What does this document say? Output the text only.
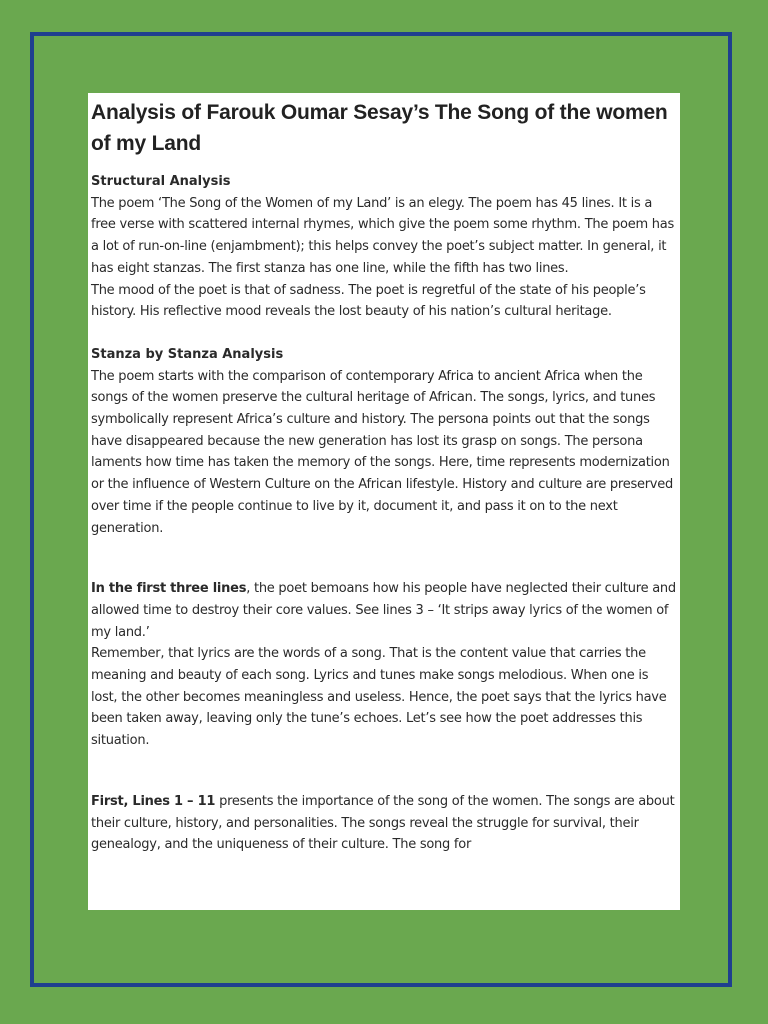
Analysis of Farouk Oumar Sesay’s The Song of the women of my Land
Structural Analysis

The poem ‘The Song of the Women of my Land’ is an elegy. The poem has 45 lines. It is a free verse with scattered internal rhymes, which give the poem some rhythm. The poem has a lot of run-on-line (enjambment); this helps convey the poet’s subject matter. In general, it has eight stanzas. The first stanza has one line, while the fifth has two lines.

The mood of the poet is that of sadness. The poet is regretful of the state of his people’s history. His reflective mood reveals the lost beauty of his nation’s cultural heritage.

Stanza by Stanza Analysis

The poem starts with the comparison of contemporary Africa to ancient Africa when the songs of the women preserve the cultural heritage of African. The songs, lyrics, and tunes symbolically represent Africa’s culture and history. The persona points out that the songs have disappeared because the new generation has lost its grasp on songs. The persona laments how time has taken the memory of the songs. Here, time represents modernization or the influence of Western Culture on the African lifestyle. History and culture are preserved over time if the people continue to live by it, document it, and pass it on to the next generation.

In the first three lines, the poet bemoans how his people have neglected their culture and allowed time to destroy their core values. See lines 3 – ‘It strips away lyrics of the women of my land.’

Remember, that lyrics are the words of a song. That is the content value that carries the meaning and beauty of each song. Lyrics and tunes make songs melodious. When one is lost, the other becomes meaningless and useless. Hence, the poet says that the lyrics have been taken away, leaving only the tune’s echoes. Let’s see how the poet addresses this situation.

First, Lines 1 – 11 presents the importance of the song of the women. The songs are about their culture, history, and personalities. The songs reveal the struggle for survival, their genealogy, and the uniqueness of their culture. The song for
